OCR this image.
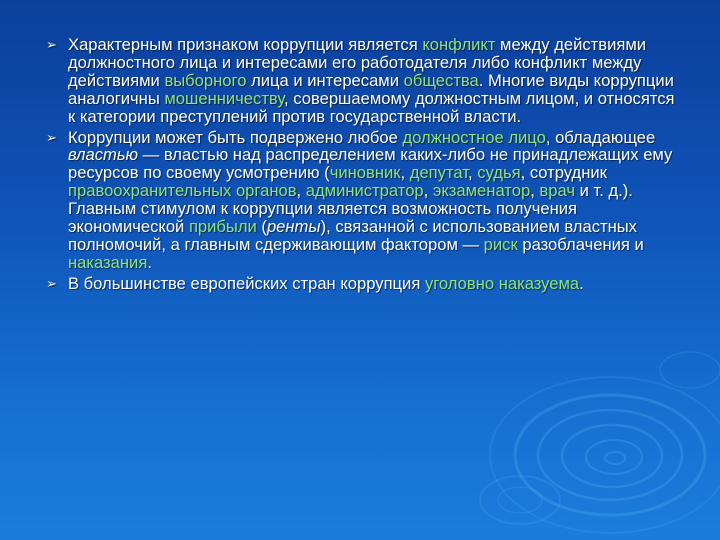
➢ Характерным признаком коррупции является конфликт между действиями должностного лица и интересами его работодателя либо конфликт между действиями выборного лица и интересами общества. Многие виды коррупции аналогичны мошенничеству, совершаемому должностным лицом, и относятся к категории преступлений против государственной власти.
➢ Коррупции может быть подвержено любое должностное лицо, обладающее властью — властью над распределением каких-либо не принадлежащих ему ресурсов по своему усмотрению (чиновник, депутат, судья, сотрудник правоохранительных органов, администратор, экзаменатор, врач и т. д.). Главным стимулом к коррупции является возможность получения экономической прибыли (ренты), связанной с использованием властных полномочий, а главным сдерживающим фактором — риск разоблачения и наказания.
➢ В большинстве европейских стран коррупция уголовно наказуема.
